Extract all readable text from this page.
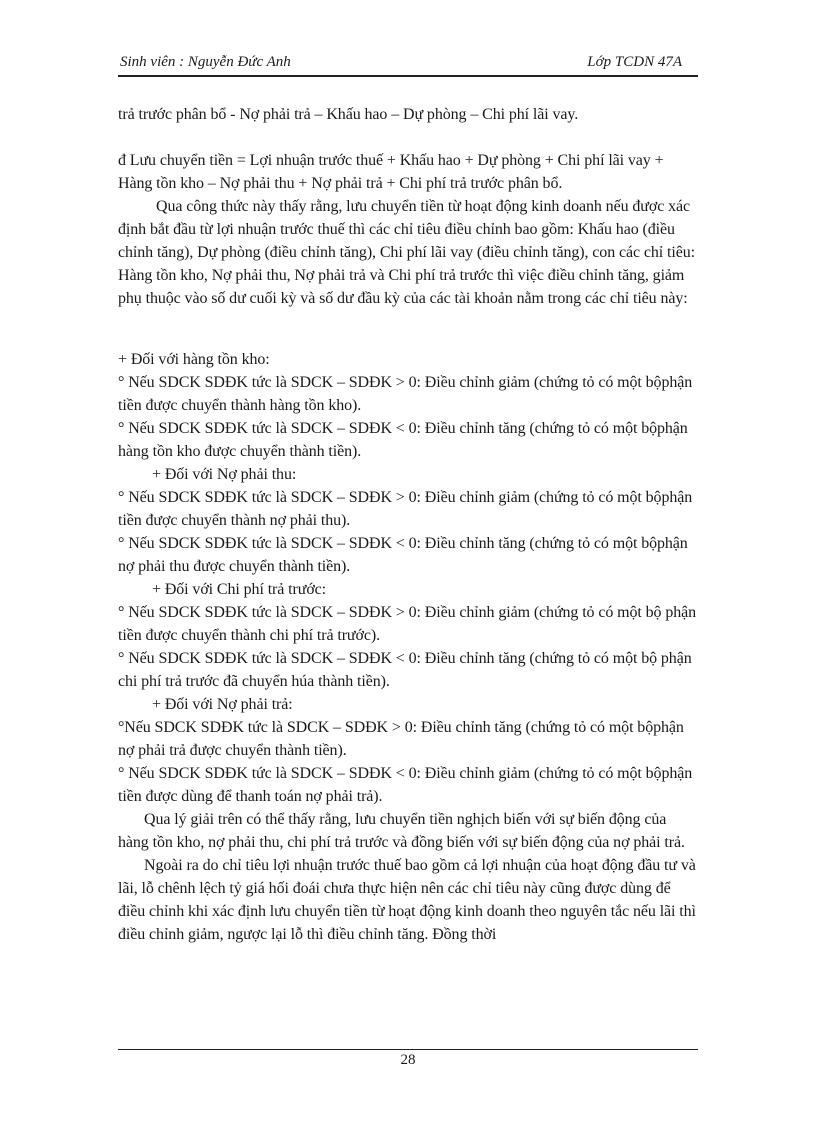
Sinh viên : Nguyễn Đức Anh	Lớp TCDN 47A

trả trước phân bổ - Nợ phải trả – Khấu hao – Dự phòng – Chi phí lãi vay.

đ Lưu chuyển tiền = Lợi nhuận trước thuế + Khấu hao + Dự phòng + Chi phí lãi vay + Hàng tồn kho – Nợ phải thu + Nợ phải trả + Chi phí trả trước phân bổ.

Qua công thức này thấy rằng, lưu chuyển tiền từ hoạt động kinh doanh nếu được xác định bắt đầu từ lợi nhuận trước thuế thì các chỉ tiêu điều chỉnh bao gồm: Khấu hao (điều chỉnh tăng), Dự phòng (điều chỉnh tăng), Chi phí lãi vay (điều chỉnh tăng), con các chỉ tiêu: Hàng tồn kho, Nợ phải thu, Nợ phải trả và Chi phí trả trước thì việc điều chỉnh tăng, giảm phụ thuộc vào số dư cuối kỳ và số dư đầu kỳ của các tài khoản nằm trong các chỉ tiêu này:

+ Đối với hàng tồn kho:

° Nếu SDCK SDĐK tức là SDCK – SDĐK > 0: Điều chỉnh giảm (chứng tỏ có một bộphận tiền được chuyển thành hàng tồn kho).

° Nếu SDCK SDĐK tức là SDCK – SDĐK < 0: Điều chỉnh tăng (chứng tỏ có một bộphận hàng tồn kho được chuyển thành tiền).

+ Đối với Nợ phải thu:

° Nếu SDCK SDĐK tức là SDCK – SDĐK > 0: Điều chỉnh giảm (chứng tỏ có một bộphận tiền được chuyển thành nợ phải thu).

° Nếu SDCK SDĐK tức là SDCK – SDĐK < 0: Điều chỉnh tăng (chứng tỏ có một bộphận nợ phải thu được chuyển thành tiền).

+ Đối với Chi phí trả trước:

° Nếu SDCK SDĐK tức là SDCK – SDĐK > 0: Điều chỉnh giảm (chứng tỏ có một bộ phận tiền được chuyển thành chi phí trả trước).

° Nếu SDCK SDĐK tức là SDCK – SDĐK < 0: Điều chỉnh tăng (chứng tỏ có một bộ phận chi phí trả trước đã chuyển húa thành tiền).

+ Đối với Nợ phải trả:

°Nếu SDCK SDĐK tức là SDCK – SDĐK > 0: Điều chỉnh tăng (chứng tỏ có một bộphận nợ phải trả được chuyển thành tiền).

° Nếu SDCK SDĐK tức là SDCK – SDĐK < 0: Điều chỉnh giảm (chứng tỏ có một bộphận tiền được dùng để thanh toán nợ phải trả).

Qua lý giải trên có thể thấy rằng, lưu chuyển tiền nghịch biến với sự biến động của hàng tồn kho, nợ phải thu, chi phí trả trước và đồng biến với sự biến động của nợ phải trả.

Ngoài ra do chỉ tiêu lợi nhuận trước thuế bao gồm cả lợi nhuận của hoạt động đầu tư và lãi, lỗ chênh lệch tỷ giá hối đoái chưa thực hiện nên các chỉ tiêu này cũng được dùng để điều chỉnh khi xác định lưu chuyển tiền từ hoạt động kinh doanh theo nguyên tắc nếu lãi thì điều chỉnh giảm, ngược lại lỗ thì điều chỉnh tăng. Đồng thời

28
